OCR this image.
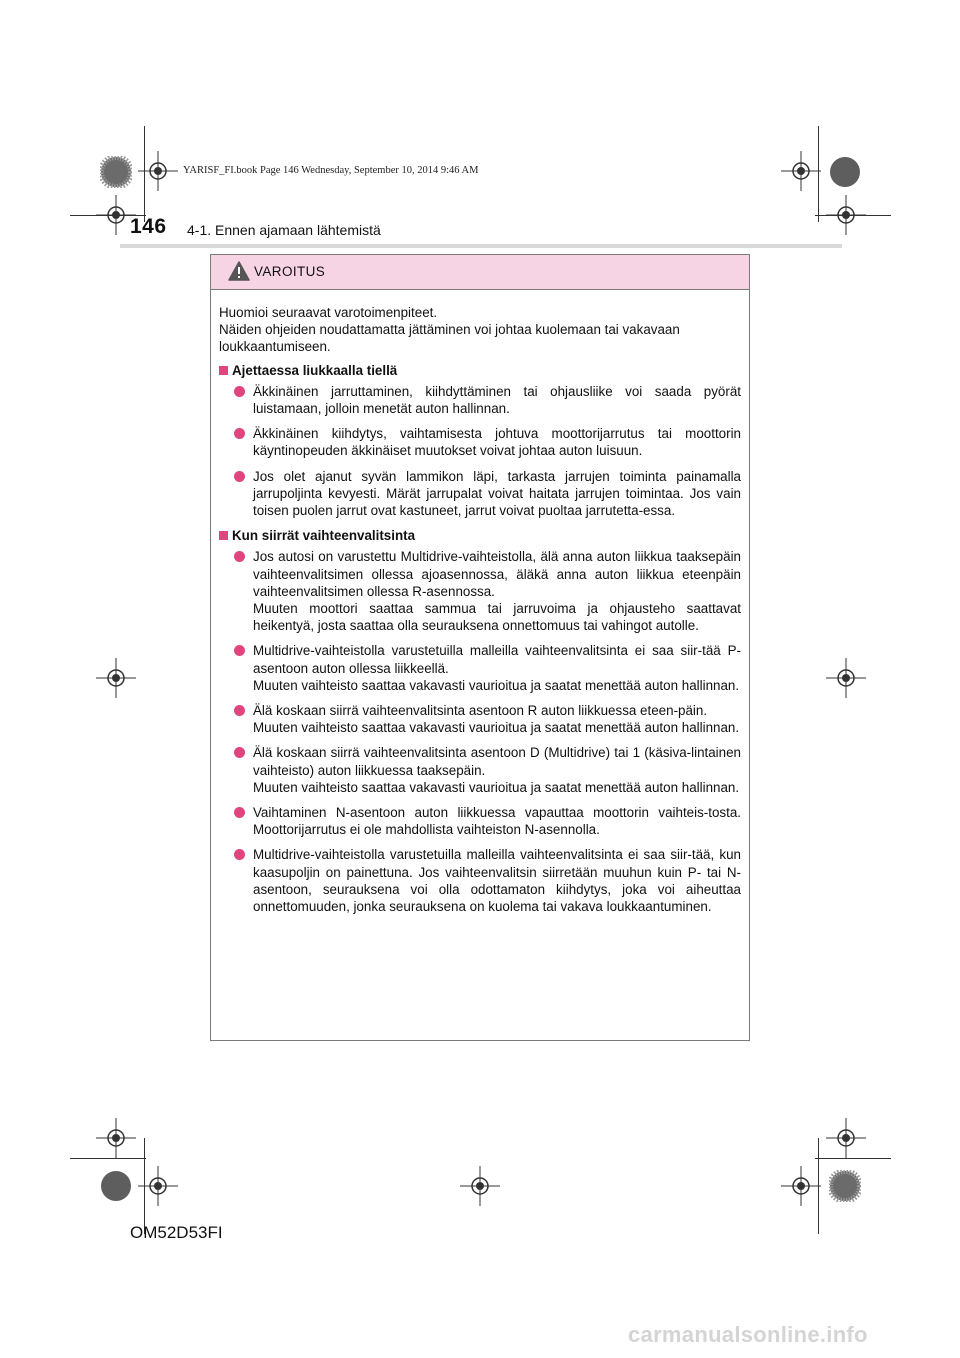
YARISF_FI.book Page 146 Wednesday, September 10, 2014 9:46 AM
146 4-1. Ennen ajamaan lähtemistä
VAROITUS

Huomioi seuraavat varotoimenpiteet.
Näiden ohjeiden noudattamatta jättäminen voi johtaa kuolemaan tai vakavaan loukkaantumiseen.

Ajettaessa liukkaalla tiellä

Äkkinäinen jarruttaminen, kiihdyttäminen tai ohjausliike voi saada pyörät luistamaan, jolloin menetät auton hallinnan.

Äkkinäinen kiihdytys, vaihtamisesta johtuva moottorijarrutus tai moottorin käyntinopeuden äkkinäiset muutokset voivat johtaa auton luisuun.

Jos olet ajanut syvän lammikon läpi, tarkasta jarrujen toiminta painamalla jarrupoljinta kevyesti. Märät jarrupalat voivat haitata jarrujen toimintaa. Jos vain toisen puolen jarrut ovat kastuneet, jarrut voivat puoltaa jarrutetta-essa.

Kun siirrät vaihteenvalitsinta

Jos autosi on varustettu Multidrive-vaihteistolla, älä anna auton liikkua taaksepäin vaihteenvalitsimen ollessa ajoasennossa, äläkä anna auton liikkua eteenpäin vaihteenvalitsimen ollessa R-asennossa.

Muuten moottori saattaa sammua tai jarruvoima ja ohjausteho saattavat heikentyä, josta saattaa olla seurauksena onnettomuus tai vahingot autolle.

Multidrive-vaihteistolla varustetuilla malleilla vaihteenvalitsinta ei saa siir-tää P-asentoon auton ollessa liikkeellä.

Muuten vaihteisto saattaa vakavasti vaurioitua ja saatat menettää auton hallinnan.

Älä koskaan siirrä vaihteenvalitsinta asentoon R auton liikkuessa eteen-päin.

Muuten vaihteisto saattaa vakavasti vaurioitua ja saatat menettää auton hallinnan.

Älä koskaan siirrä vaihteenvalitsinta asentoon D (Multidrive) tai 1 (käsiva-lintainen vaihteisto) auton liikkuessa taaksepäin.

Muuten vaihteisto saattaa vakavasti vaurioitua ja saatat menettää auton hallinnan.

Vaihtaminen N-asentoon auton liikkuessa vapauttaa moottorin vaihteis-tosta. Moottorijarrutus ei ole mahdollista vaihteiston N-asennolla.

Multidrive-vaihteistolla varustetuilla malleilla vaihteenvalitsinta ei saa siir-tää, kun kaasupoljin on painettuna. Jos vaihteenvalitsin siirretään muuhun kuin P- tai N-asentoon, seurauksena voi olla odottamaton kiihdytys, joka voi aiheuttaa onnettomuuden, jonka seurauksena on kuolema tai vakava loukkaantuminen.

OM52D53FI
carmanualsonline.info
